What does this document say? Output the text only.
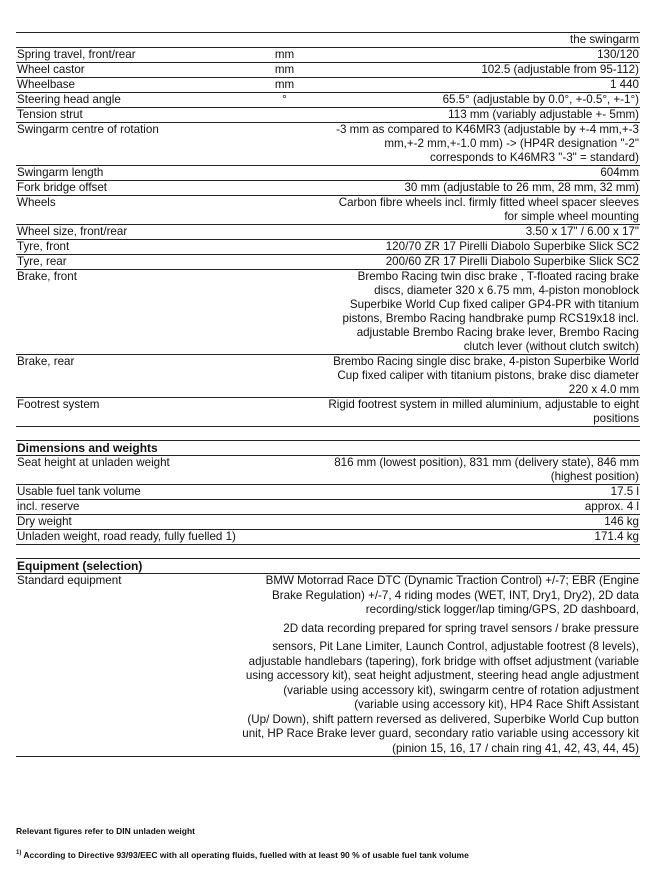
the swingarm
Spring travel, front/rear	mm	130/120
Wheel castor	mm	102.5 (adjustable from 95-112)
Wheelbase	mm	1 440
Steering head angle	°	65.5° (adjustable by 0.0°, +-0.5°, +-1°)
Tension strut	113 mm (variably adjustable +- 5mm)
Swingarm centre of rotation	-3 mm as compared to K46MR3 (adjustable by +-4 mm,+-3 mm,+-2 mm,+-1.0 mm) -> (HP4R designation "-2" corresponds to K46MR3 "-3" = standard)
Swingarm length	604mm
Fork bridge offset	30 mm (adjustable to 26 mm, 28 mm, 32 mm)
Wheels	Carbon fibre wheels incl. firmly fitted wheel spacer sleeves for simple wheel mounting
Wheel size, front/rear	3.50 x 17" / 6.00 x 17"
Tyre, front	120/70 ZR 17 Pirelli Diabolo Superbike Slick SC2
Tyre, rear	200/60 ZR 17 Pirelli Diabolo Superbike Slick SC2
Brake, front	Brembo Racing twin disc brake , T-floated racing brake discs, diameter 320 x 6.75 mm, 4-piston monoblock Superbike World Cup fixed caliper GP4-PR with titanium pistons, Brembo Racing handbrake pump RCS19x18 incl. adjustable Brembo Racing brake lever, Brembo Racing clutch lever (without clutch switch)
Brake, rear	Brembo Racing single disc brake, 4-piston Superbike World Cup fixed caliper with titanium pistons, brake disc diameter 220 x 4.0 mm
Footrest system	Rigid footrest system in milled aluminium, adjustable to eight positions
Dimensions and weights
Seat height at unladen weight	816 mm (lowest position), 831 mm (delivery state), 846 mm (highest position)
Usable fuel tank volume	17.5 l
incl. reserve	approx. 4 l
Dry weight	146 kg
Unladen weight, road ready, fully fuelled 1)	171.4 kg
Equipment (selection)
Standard equipment	BMW Motorrad Race DTC (Dynamic Traction Control) +/-7; EBR (Engine Brake Regulation) +/-7, 4 riding modes (WET, INT, Dry1, Dry2), 2D data recording/stick logger/lap timing/GPS, 2D dashboard,

2D data recording prepared for spring travel sensors / brake pressure

sensors, Pit Lane Limiter, Launch Control, adjustable footrest (8 levels), adjustable handlebars (tapering), fork bridge with offset adjustment (variable using accessory kit), seat height adjustment, steering head angle adjustment (variable using accessory kit), swingarm centre of rotation adjustment (variable using accessory kit), HP4 Race Shift Assistant

(Up/ Down), shift pattern reversed as delivered, Superbike World Cup button unit, HP Race Brake lever guard, secondary ratio variable using accessory kit

(pinion 15, 16, 17 / chain ring 41, 42, 43, 44, 45)

Relevant figures refer to DIN unladen weight
$^{1)}$ According to Directive 93/93/EEC with all operating fluids, fuelled with at least 90 % of usable fuel tank volume
